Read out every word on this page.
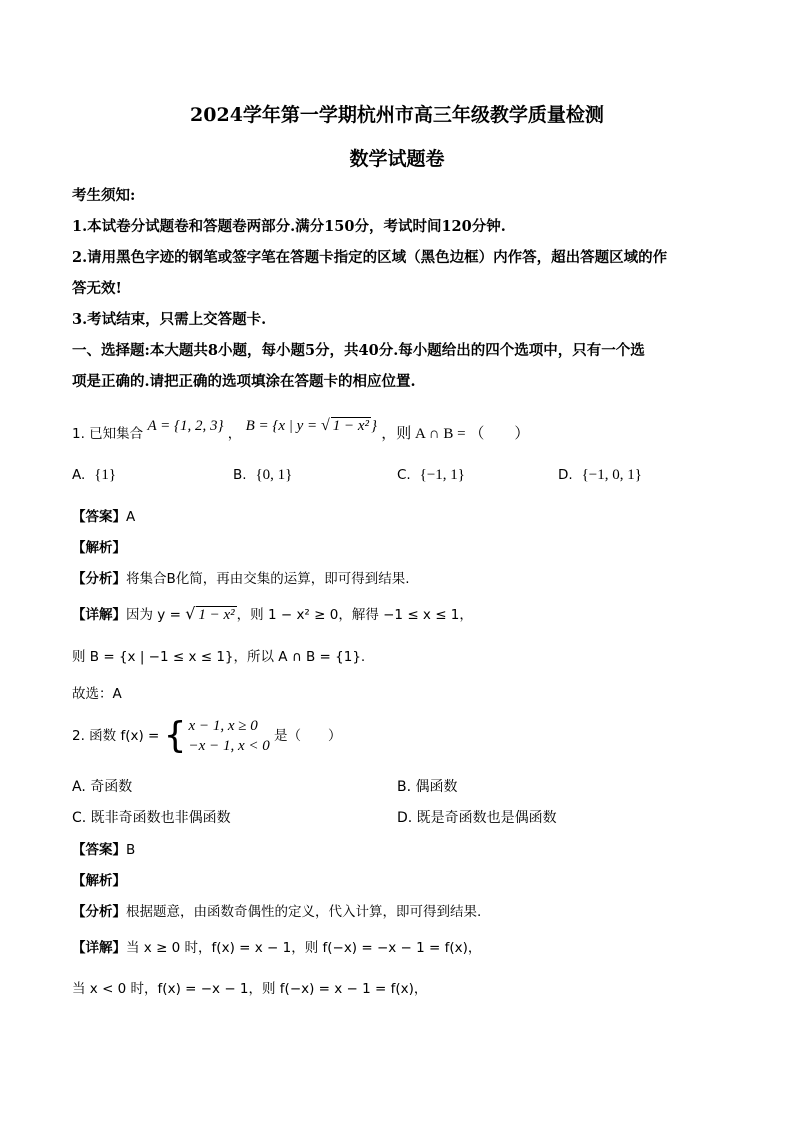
2024学年第一学期杭州市高三年级教学质量检测
数学试题卷
考生须知:
1.本试卷分试题卷和答题卷两部分.满分150分，考试时间120分钟.
2.请用黑色字迹的钢笔或签字笔在答题卡指定的区域（黑色边框）内作答，超出答题区域的作
答无效!
3.考试结束，只需上交答题卡.
一、选择题:本大题共8小题，每小题5分，共40分.每小题给出的四个选项中，只有一个选
项是正确的.请把正确的选项填涂在答题卡的相应位置.
1. 已知集合 A = {1, 2, 3} ， B = {x | y = √ 1 − x² } ，则 A ∩ B = （　　）
A. {1}	B. {0, 1}	C. {−1, 1}	D. {−1, 0, 1}
【答案】A
【解析】
【分析】将集合B化简，再由交集的运算，即可得到结果.
【详解】因为 y = √ 1 − x² ，则 1 − x² ≥ 0，解得 −1 ≤ x ≤ 1，
则 B = {x | −1 ≤ x ≤ 1}，所以 A ∩ B = {1}.
故选：A
2. 函数 f(x) = { x − 1, x ≥ 0
−x − 1, x < 0
是（　　）
A. 奇函数	B. 偶函数
C. 既非奇函数也非偶函数	D. 既是奇函数也是偶函数
【答案】B
【解析】
【分析】根据题意，由函数奇偶性的定义，代入计算，即可得到结果.
【详解】当 x ≥ 0 时，f(x) = x − 1，则 f(−x) = −x − 1 = f(x)，
当 x < 0 时，f(x) = −x − 1，则 f(−x) = x − 1 = f(x)，
